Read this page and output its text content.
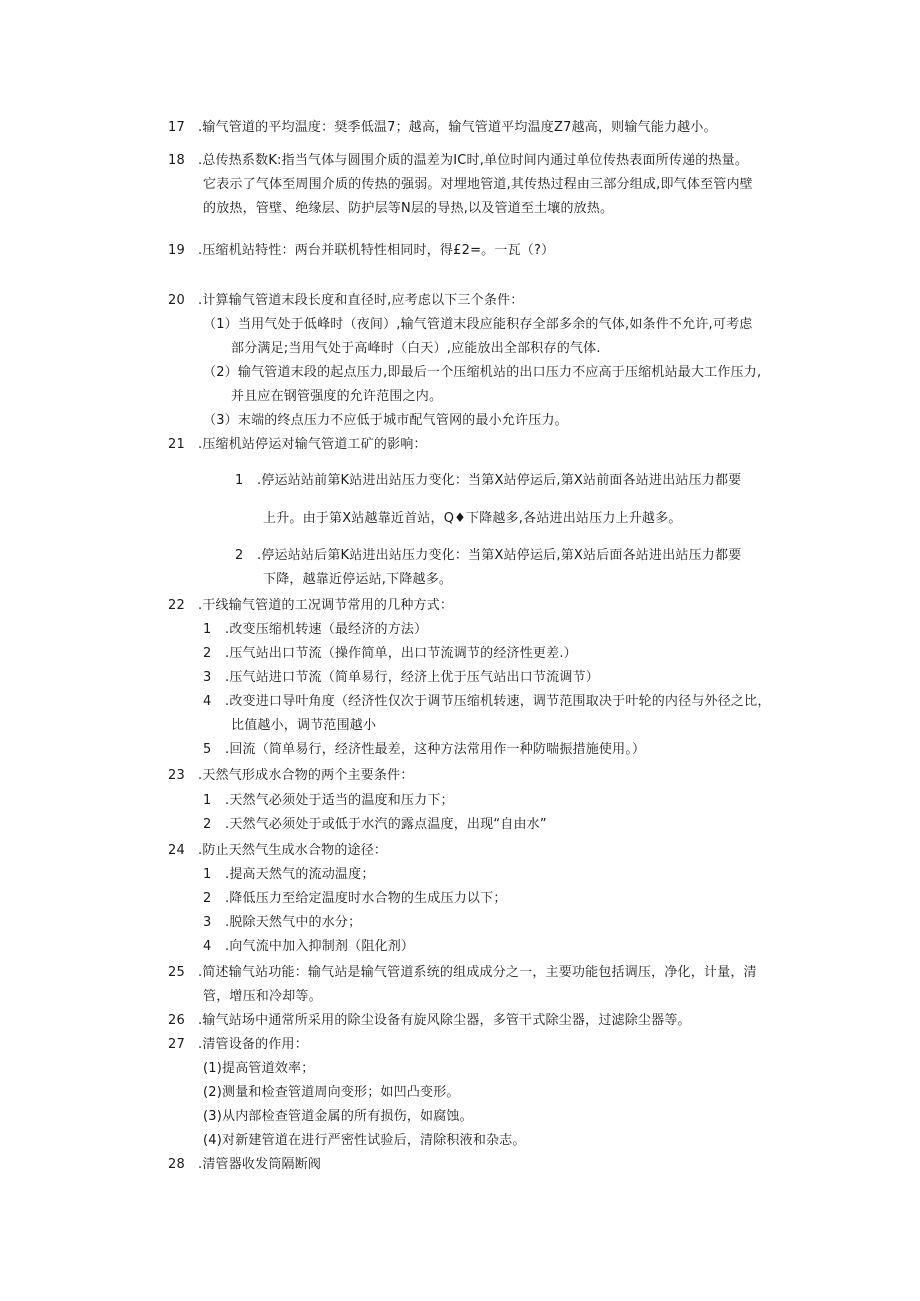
17 .输气管道的平均温度：奨季低温7；越高，输气管道平均温度Z7越高，则输气能力越小。
18 .总传热系数K:指当气体与圆围介质的温差为IC时,单位时间内通过单位传热表面所传递的热量。
它表示了气体至周围介质的传热的强弱。对埋地管道,其传热过程由三部分组成,即气体至管内壁
的放热，管壁、绝缘层、防护层等N层的导热,以及管道至土壤的放热。
19 .压缩机站特性：两台并联机特性相同时，得£2=。一瓦（?）
20 .计算输气管道末段长度和直径时,应考虑以下三个条件：
（1）当用气处于低峰时（夜间）,输气管道末段应能积存全部多余的气体,如条件不允许,可考虑
部分满足;当用气处于高峰时（白天）,应能放出全部积存的气体.
（2）输气管道末段的起点压力,即最后一个压缩机站的出口压力不应高于压缩机站最大工作压力,
并且应在钢管强度的允许范围之内。
（3）末端的终点压力不应低于城市配气管网的最小允许压力。
21 .压缩机站停运对输气管道工矿的影响：
1 .停运站站前第K站进出站压力变化：当第X站停运后,第X站前面各站进出站压力都要
上升。由于第X站越靠近首站，Q♦下降越多,各站进出站压力上升越多。
2 .停运站站后第K站进出站压力变化：当第X站停运后,第X站后面各站进出站压力都要
下降，越靠近停运站,下降越多。
22 .干线输气管道的工况调节常用的几种方式：
1 .改变压缩机转速（最经济的方法）
2 .压气站出口节流（操作简单，出口节流调节的经济性更差.）
3 .压气站进口节流（简单易行，经济上优于压气站出口节流调节）
4 .改变进口导叶角度（经济性仅次于调节压缩机转速，调节范围取决于叶轮的内径与外径之比，
比值越小，调节范围越小
5 .回流（简单易行，经济性最差，这种方法常用作一种防喘振措施使用。）
23 .天然气形成水合物的两个主要条件：
1 .天然气必须处于适当的温度和压力下；
2 .天然气必须处于或低于水汽的露点温度，出现“自由水”
24 .防止天然气生成水合物的途径：
1 .提高天然气的流动温度；
2 .降低压力至给定温度时水合物的生成压力以下；
3 .脱除天然气中的水分；
4 .向气流中加入抑制剂（阻化剂）
25 .简述输气站功能：输气站是输气管道系统的组成成分之一，主要功能包括调压，净化，计量，清
管，增压和冷却等。
26 .输气站场中通常所采用的除尘设备有旋风除尘器，多管干式除尘器，过滤除尘器等。
27 .清管设备的作用：
(1)提高管道效率；
(2)测量和检查管道周向变形；如凹凸变形。
(3)从内部检查管道金属的所有损伤，如腐蚀。
(4)对新建管道在进行严密性试验后，清除积液和杂志。
28 .清管器收发筒隔断阀
